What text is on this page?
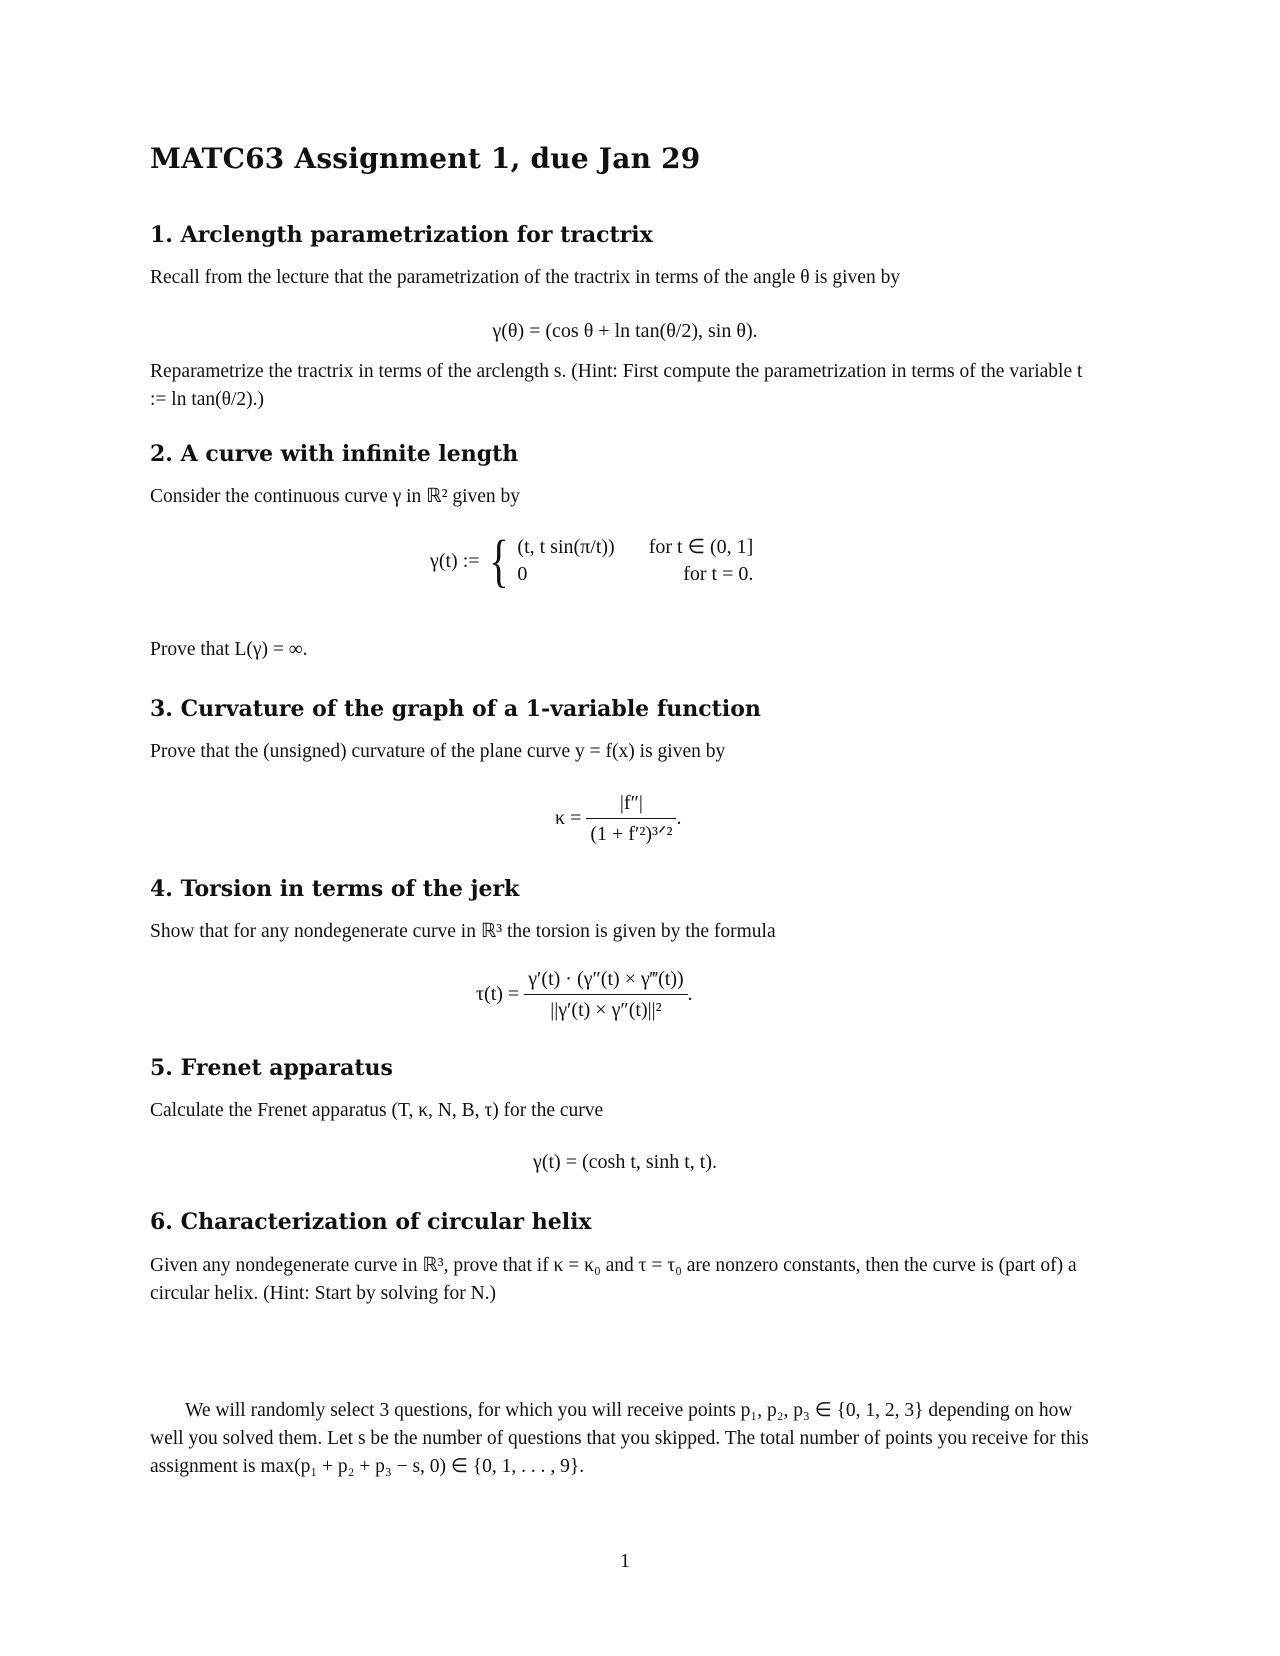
MATC63 Assignment 1, due Jan 29
1. Arclength parametrization for tractrix
Recall from the lecture that the parametrization of the tractrix in terms of the angle θ is given by
γ(θ) = (cos θ + ln tan(θ/2), sin θ).
Reparametrize the tractrix in terms of the arclength s. (Hint: First compute the parametrization in terms of the variable t := ln tan(θ/2).)
2. A curve with infinite length
Consider the continuous curve γ in ℝ² given by
γ(t) := { (t, t sin(π/t))	for t ∈ (0, 1]
0	for t = 0.
Prove that L(γ) = ∞.
3. Curvature of the graph of a 1-variable function
Prove that the (unsigned) curvature of the plane curve y = f(x) is given by
$\kappa = \frac{|f''|}{\text{(1 + f′²)³ᐟ²}}$ .
4. Torsion in terms of the jerk
Show that for any nondegenerate curve in ℝ³ the torsion is given by the formula
$\tau(t) = \frac{\gamma'(t) \cdot (\gamma''(t) \times \gamma‴(t))}{\text{||γ′(t) × γ″(t)||²}}$ .
5. Frenet apparatus
Calculate the Frenet apparatus (T, κ, N, B, τ) for the curve
γ(t) = (cosh t, sinh t, t).
6. Characterization of circular helix
Given any nondegenerate curve in ℝ³, prove that if κ = κ₀ and τ = τ₀ are nonzero constants, then the curve is (part of) a circular helix. (Hint: Start by solving for N.)
We will randomly select 3 questions, for which you will receive points p₁, p₂, p₃ ∈ {0, 1, 2, 3} depending on how well you solved them. Let s be the number of questions that you skipped. The total number of points you receive for this assignment is max(p₁ + p₂ + p₃ − s, 0) ∈ {0, 1, . . . , 9}.
1
